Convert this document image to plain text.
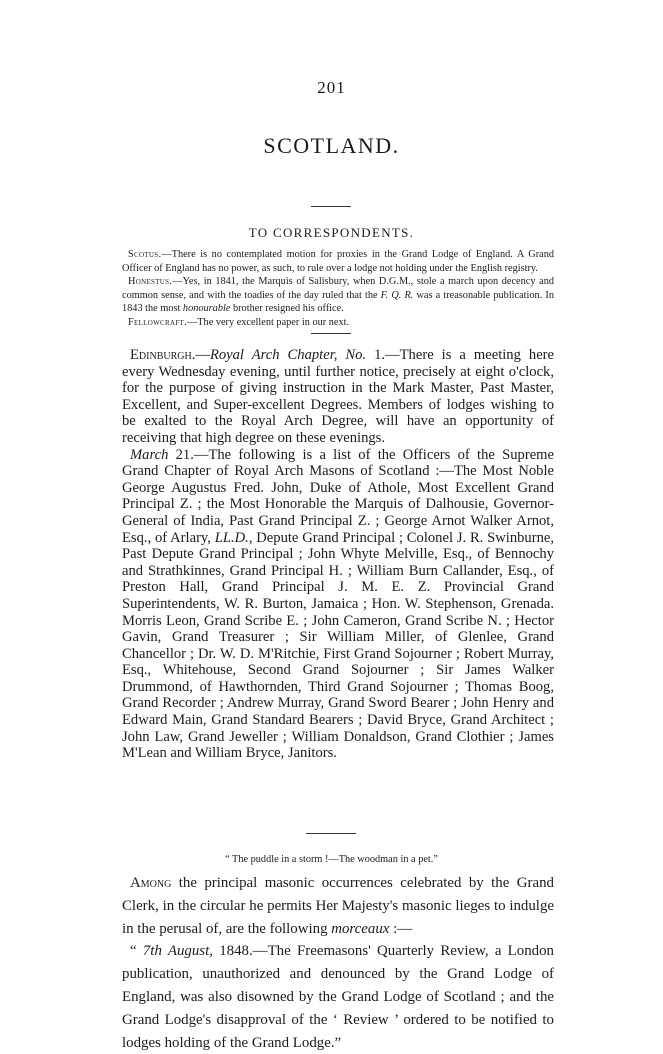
201
SCOTLAND.
TO CORRESPONDENTS.

Scotus.—There is no contemplated motion for proxies in the Grand Lodge of England. A Grand Officer of England has no power, as such, to rule over a lodge not holding under the English registry.

Honestus.—Yes, in 1841, the Marquis of Salisbury, when D.G.M., stole a march upon decency and common sense, and with the toadies of the day ruled that the F. Q. R. was a treasonable publication. In 1843 the most honourable brother resigned his office.

Fellowcraft.—The very excellent paper in our next.

Edinburgh.—Royal Arch Chapter, No. 1.—There is a meeting here every Wednesday evening, until further notice, precisely at eight o'clock, for the purpose of giving instruction in the Mark Master, Past Master, Excellent, and Super-excellent Degrees. Members of lodges wishing to be exalted to the Royal Arch Degree, will have an opportunity of receiving that high degree on these evenings.

March 21.—The following is a list of the Officers of the Supreme Grand Chapter of Royal Arch Masons of Scotland :—The Most Noble George Augustus Fred. John, Duke of Athole, Most Excellent Grand Principal Z. ; the Most Honorable the Marquis of Dalhousie, Governor-General of India, Past Grand Principal Z. ; George Arnot Walker Arnot, Esq., of Arlary, LL.D., Depute Grand Principal ; Colonel J. R. Swinburne, Past Depute Grand Principal ; John Whyte Melville, Esq., of Bennochy and Strathkinnes, Grand Principal H. ; William Burn Callander, Esq., of Preston Hall, Grand Principal J. M. E. Z. Provincial Grand Superintendents, W. R. Burton, Jamaica ; Hon. W. Stephenson, Grenada. Morris Leon, Grand Scribe E. ; John Cameron, Grand Scribe N. ; Hector Gavin, Grand Treasurer ; Sir William Miller, of Glenlee, Grand Chancellor ; Dr. W. D. M'Ritchie, First Grand Sojourner ; Robert Murray, Esq., Whitehouse, Second Grand Sojourner ; Sir James Walker Drummond, of Hawthornden, Third Grand Sojourner ; Thomas Boog, Grand Recorder ; Andrew Murray, Grand Sword Bearer ; John Henry and Edward Main, Grand Standard Bearers ; David Bryce, Grand Architect ; John Law, Grand Jeweller ; William Donaldson, Grand Clothier ; James M'Lean and William Bryce, Janitors.

“ The puddle in a storm !—The woodman in a pet.”

Among the principal masonic occurrences celebrated by the Grand Clerk, in the circular he permits Her Majesty's masonic lieges to indulge in the perusal of, are the following morceaux :—

“ 7th August, 1848.—The Freemasons' Quarterly Review, a London publication, unauthorized and denounced by the Grand Lodge of England, was also disowned by the Grand Lodge of Scotland ; and the Grand Lodge's disapproval of the ‘ Review ’ ordered to be notified to lodges holding of the Grand Lodge.”
